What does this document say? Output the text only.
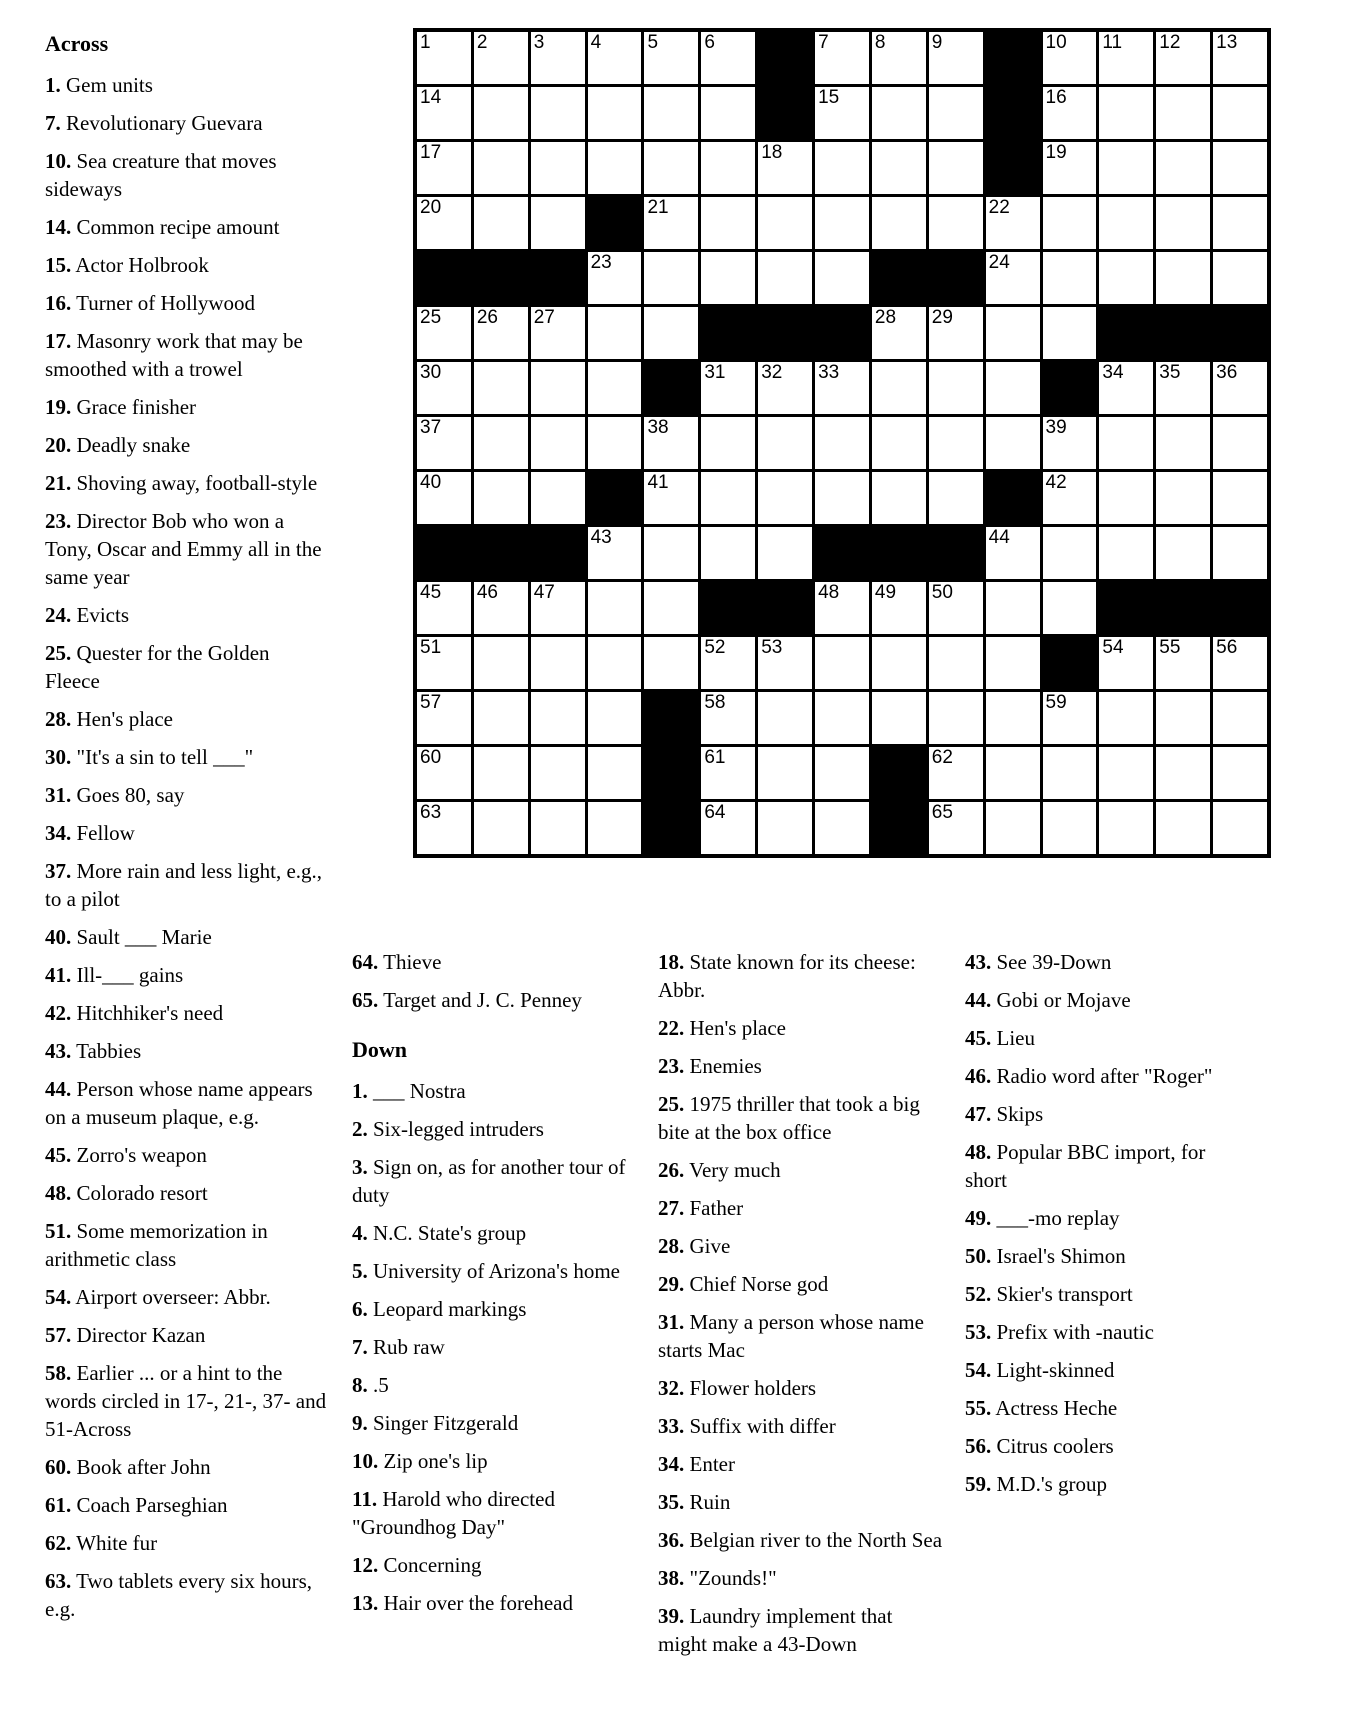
Across

1. Gem units

7. Revolutionary Guevara

10. Sea creature that moves sideways

14. Common recipe amount

15. Actor Holbrook

16. Turner of Hollywood

17. Masonry work that may be smoothed with a trowel

19. Grace finisher

20. Deadly snake

21. Shoving away, football-style

23. Director Bob who won a Tony, Oscar and Emmy all in the same year

24. Evicts

25. Quester for the Golden Fleece

28. Hen's place

30. "It's a sin to tell ___"

31. Goes 80, say

34. Fellow

37. More rain and less light, e.g., to a pilot

40. Sault ___ Marie

41. Ill-___ gains

42. Hitchhiker's need

43. Tabbies

44. Person whose name appears on a museum plaque, e.g.

45. Zorro's weapon

48. Colorado resort

51. Some memorization in arithmetic class

54. Airport overseer: Abbr.

57. Director Kazan

58. Earlier ... or a hint to the words circled in 17-, 21-, 37- and 51-Across

60. Book after John

61. Coach Parseghian

62. White fur

63. Two tablets every six hours, e.g.

1 2 3 4 5 6	7 8 9	10 11 12 13
14	15	16
17	18	19
20	21	22
23	24
25 26 27	28 29
30	31 32 33	34 35 36
37	38	39
40	41	42
43	44
45 46 47	48 49 50
51	52 53	54 55 56
57	58	59
60	61	62
63	64	65

64. Thieve

65. Target and J. C. Penney

Down

1. ___ Nostra

2. Six-legged intruders

3. Sign on, as for another tour of duty

4. N.C. State's group

5. University of Arizona's home

6. Leopard markings

7. Rub raw

8. .5

9. Singer Fitzgerald

10. Zip one's lip

11. Harold who directed "Groundhog Day"

12. Concerning

13. Hair over the forehead

18. State known for its cheese: Abbr.

22. Hen's place

23. Enemies

25. 1975 thriller that took a big bite at the box office

26. Very much

27. Father

28. Give

29. Chief Norse god

31. Many a person whose name starts Mac

32. Flower holders

33. Suffix with differ

34. Enter

35. Ruin

36. Belgian river to the North Sea

38. "Zounds!"

39. Laundry implement that might make a 43-Down

43. See 39-Down

44. Gobi or Mojave

45. Lieu

46. Radio word after "Roger"

47. Skips

48. Popular BBC import, for short

49. ___-mo replay

50. Israel's Shimon

52. Skier's transport

53. Prefix with -nautic

54. Light-skinned

55. Actress Heche

56. Citrus coolers

59. M.D.'s group
